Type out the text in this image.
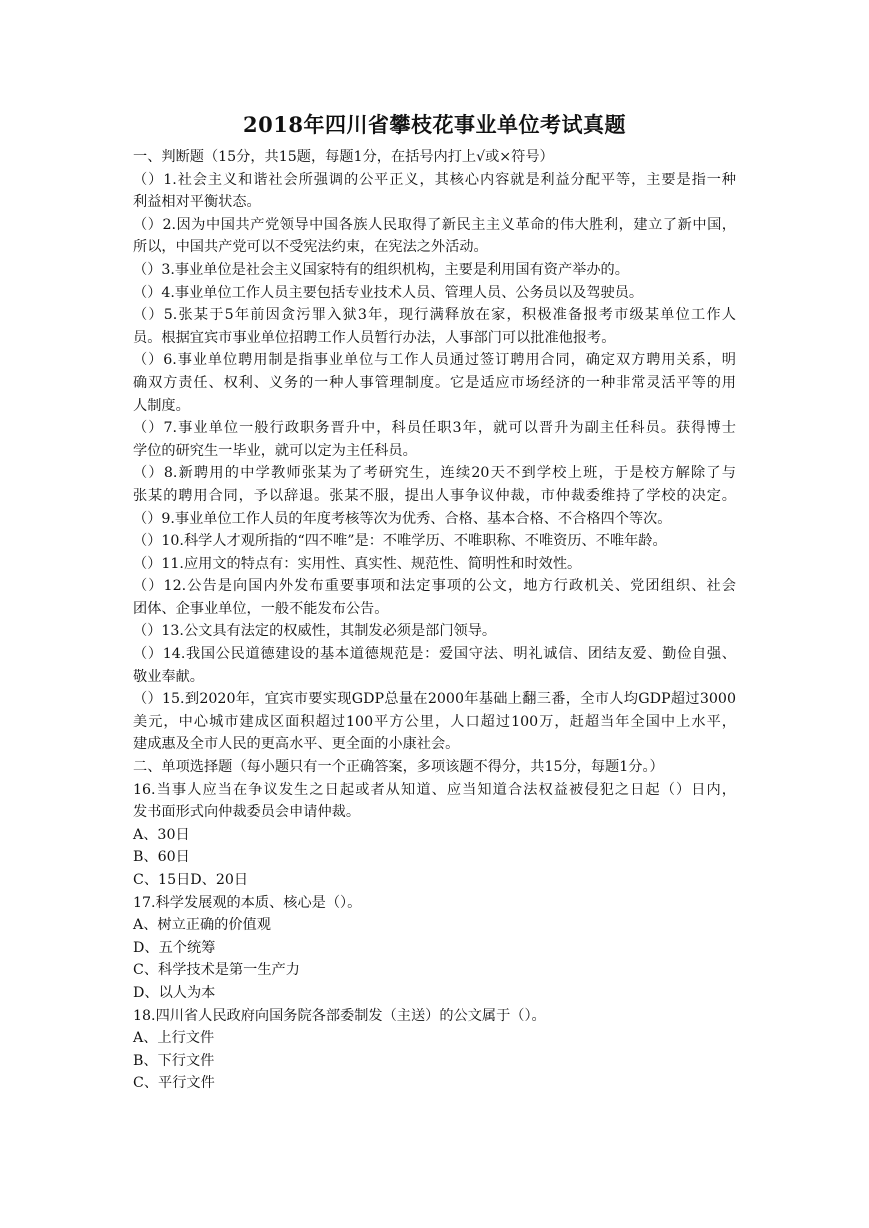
2018年四川省攀枝花事业单位考试真题

一、判断题（15分，共15题，每题1分，在括号内打上√或×符号）

（）1.社会主义和谐社会所强调的公平正义，其核心内容就是利益分配平等，主要是指一种

利益相对平衡状态。

（）2.因为中国共产党领导中国各族人民取得了新民主主义革命的伟大胜利，建立了新中国，

所以，中国共产党可以不受宪法约束，在宪法之外活动。

（）3.事业单位是社会主义国家特有的组织机构，主要是利用国有资产举办的。

（）4.事业单位工作人员主要包括专业技术人员、管理人员、公务员以及驾驶员。

（）5.张某于5年前因贪污罪入狱3年，现行满释放在家，积极准备报考市级某单位工作人

员。根据宜宾市事业单位招聘工作人员暂行办法，人事部门可以批准他报考。

（）6.事业单位聘用制是指事业单位与工作人员通过签订聘用合同，确定双方聘用关系，明

确双方责任、权利、义务的一种人事管理制度。它是适应市场经济的一种非常灵活平等的用

人制度。

（）7.事业单位一般行政职务晋升中，科员任职3年，就可以晋升为副主任科员。获得博士

学位的研究生一毕业，就可以定为主任科员。

（）8.新聘用的中学教师张某为了考研究生，连续20天不到学校上班，于是校方解除了与

张某的聘用合同，予以辞退。张某不服，提出人事争议仲裁，市仲裁委维持了学校的决定。

（）9.事业单位工作人员的年度考核等次为优秀、合格、基本合格、不合格四个等次。

（）10.科学人才观所指的“四不唯”是：不唯学历、不唯职称、不唯资历、不唯年龄。

（）11.应用文的特点有：实用性、真实性、规范性、简明性和时效性。

（）12.公告是向国内外发布重要事项和法定事项的公文，地方行政机关、党团组织、社会

团体、企事业单位，一般不能发布公告。

（）13.公文具有法定的权威性，其制发必须是部门领导。

（）14.我国公民道德建设的基本道德规范是：爱国守法、明礼诚信、团结友爱、勤俭自强、

敬业奉献。

（）15.到2020年，宜宾市要实现GDP总量在2000年基础上翻三番，全市人均GDP超过3000

美元，中心城市建成区面积超过100平方公里，人口超过100万，赶超当年全国中上水平，

建成惠及全市人民的更高水平、更全面的小康社会。

二、单项选择题（每小题只有一个正确答案，多项该题不得分，共15分，每题1分。）

16.当事人应当在争议发生之日起或者从知道、应当知道合法权益被侵犯之日起（）日内，

发书面形式向仲裁委员会申请仲裁。

A、30日

B、60日

C、15日D、20日

17.科学发展观的本质、核心是（）。

A、树立正确的价值观

D、五个统筹

C、科学技术是第一生产力

D、以人为本

18.四川省人民政府向国务院各部委制发（主送）的公文属于（）。

A、上行文件

B、下行文件

C、平行文件
